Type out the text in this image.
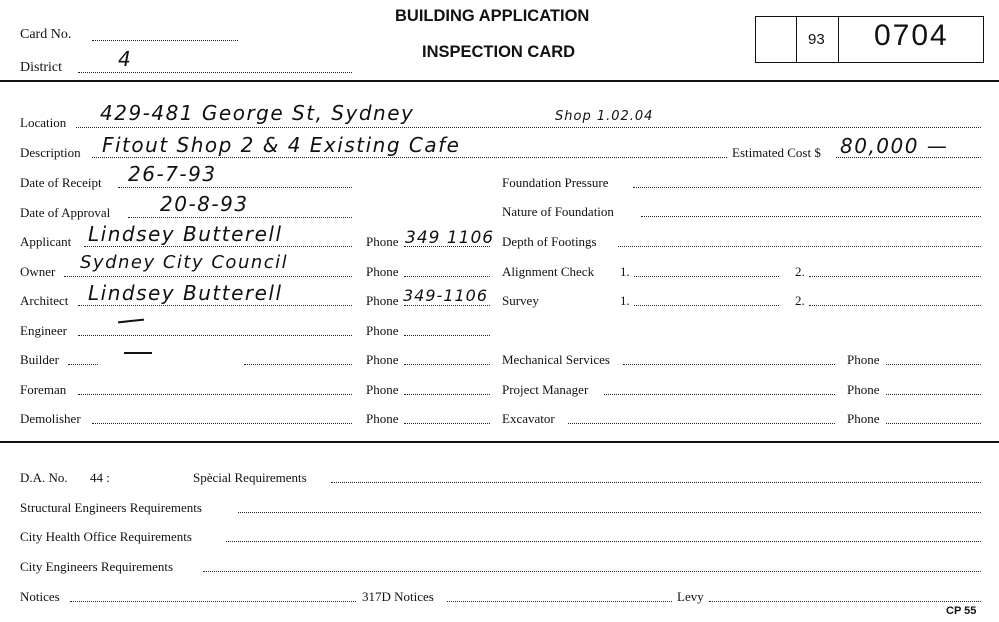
Card No.
District	4
BUILDING APPLICATION
INSPECTION CARD
93 0704
Location 429-481 George St, Sydney	Shop 1.02.04
Description Fitout Shop 2 & 4 Existing Cafe	Estimated Cost $ 80,000 —
Date of Receipt 26-7-93	Foundation Pressure
Date of Approval 20-8-93	Nature of Foundation
Applicant Lindsey Butterell	Phone 349 1106 Depth of Footings
Owner Sydney City Council	Phone	Alignment Check 1.	2.
Architect Lindsey Butterell	Phone 349-1106 Survey	1.	2.
Engineer	Phone
Builder	Phone	Mechanical Services	Phone
Foreman	Phone	Project Manager	Phone
Demolisher	Phone	Excavator	Phone
D.A. No. 44 :	Spècial Requirements
Structural Engineers Requirements
City Health Office Requirements
City Engineers Requirements
Notices	317D Notices	Levy
CP 55
